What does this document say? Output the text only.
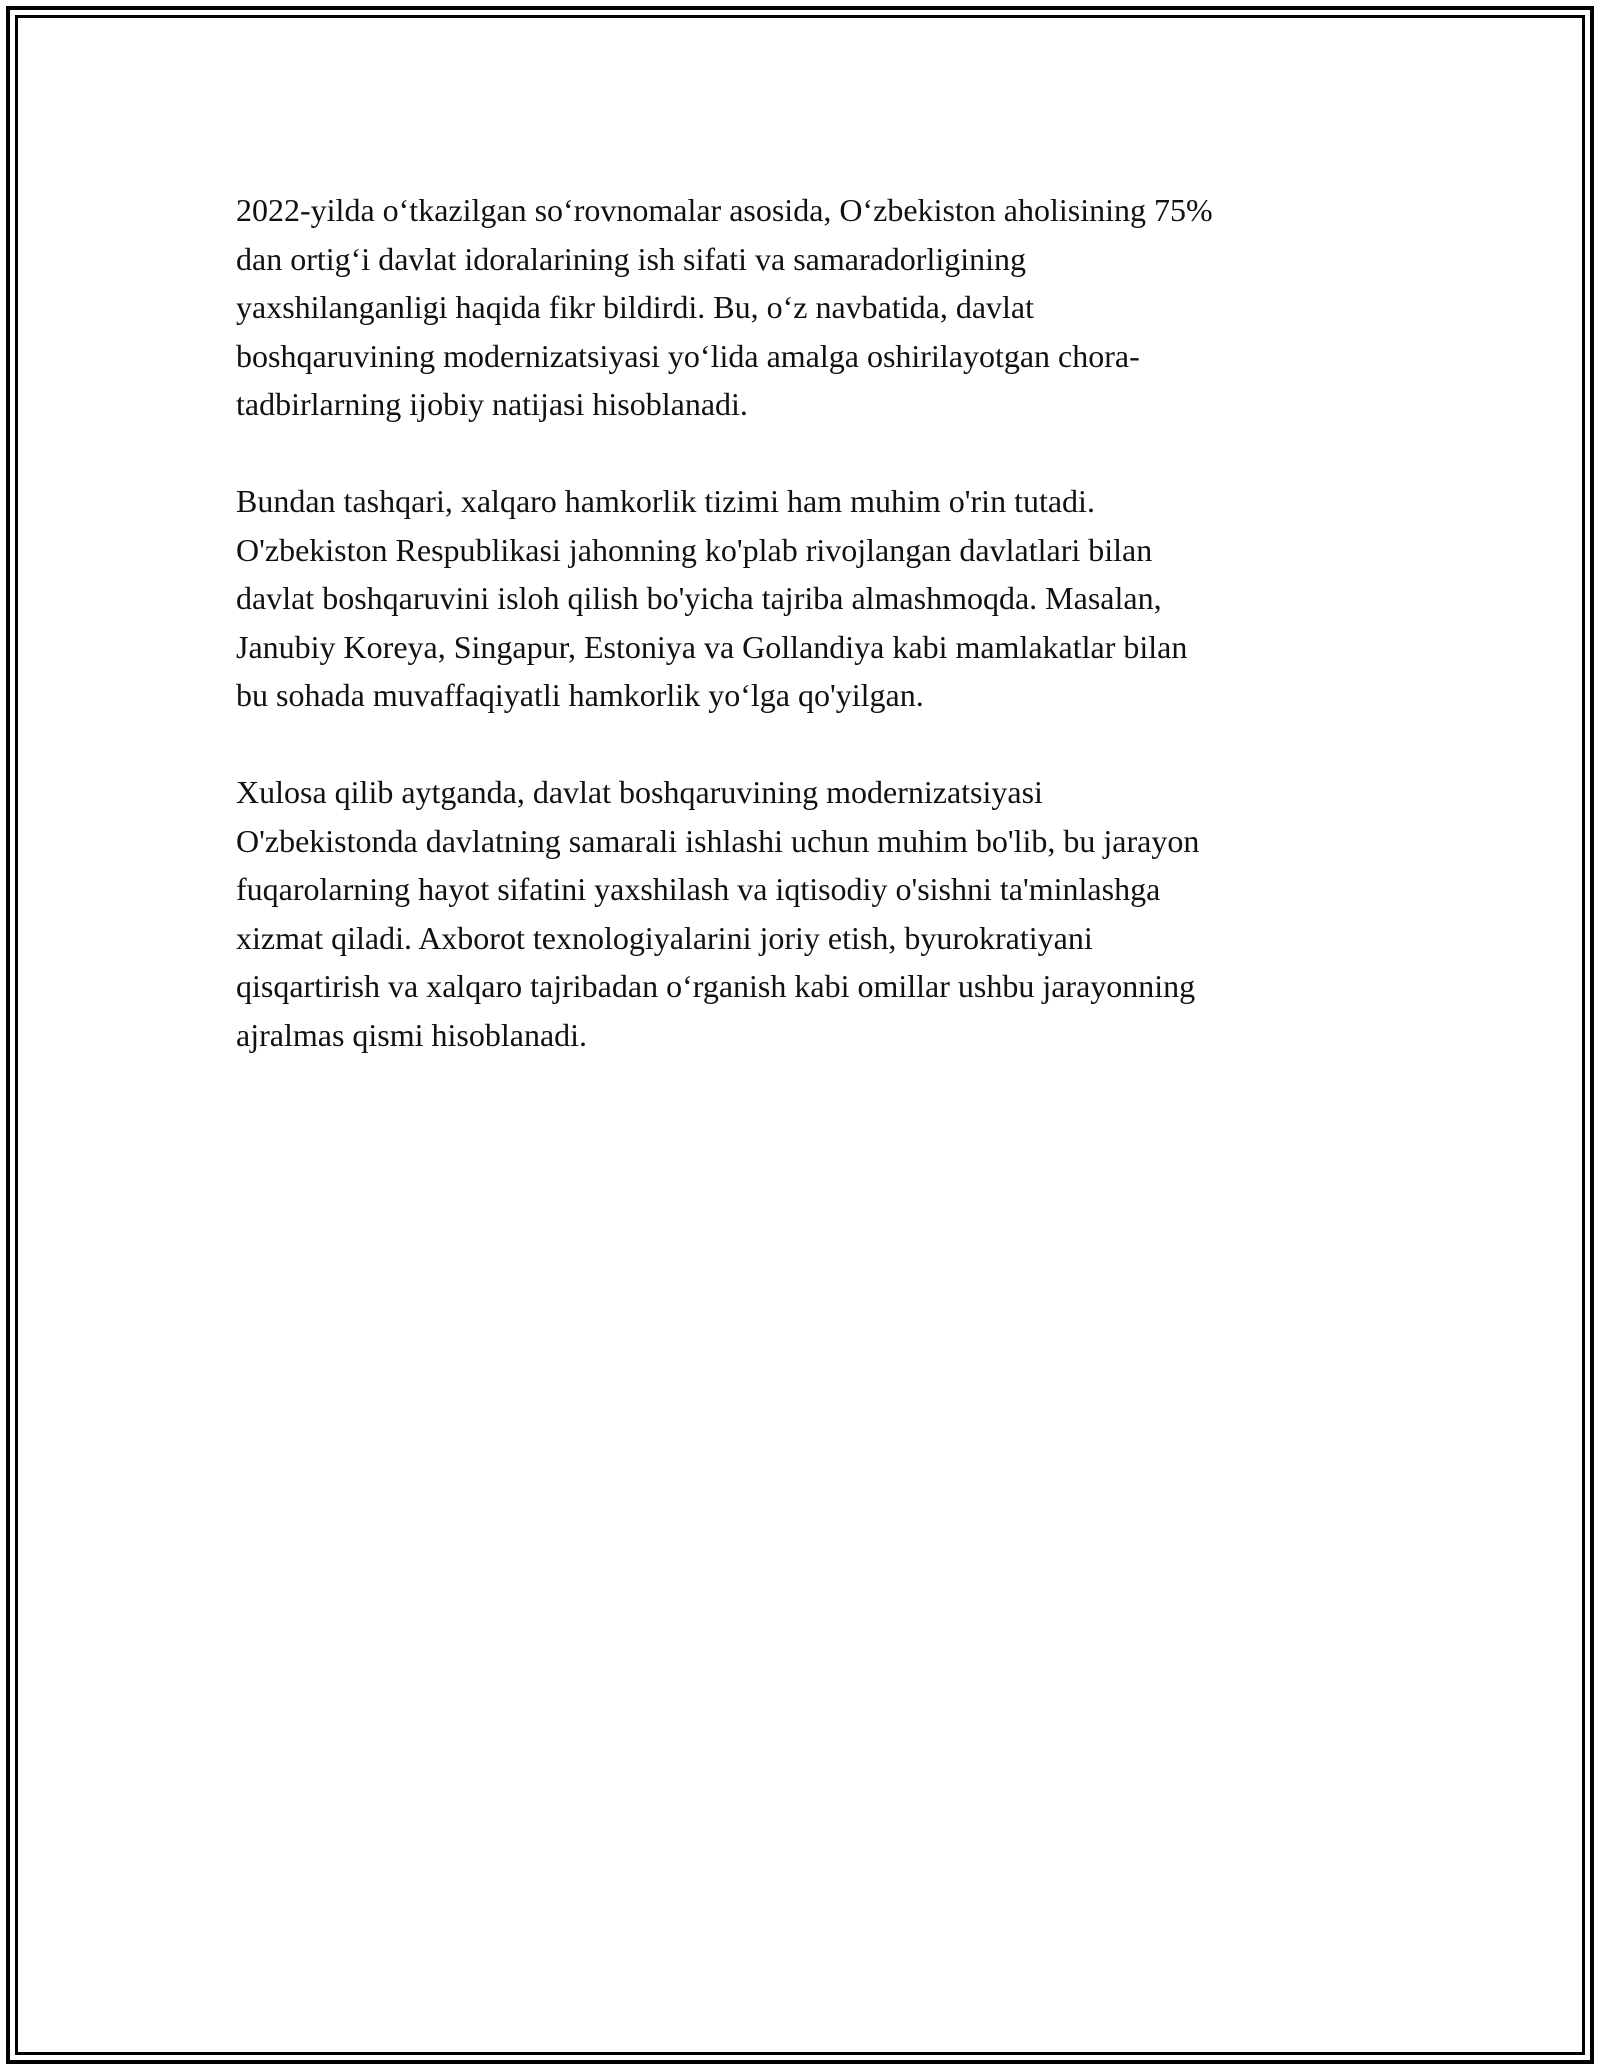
2022-yilda o‘tkazilgan so‘rovnomalar asosida, O‘zbekiston aholisining 75%
dan ortig‘i davlat idoralarining ish sifati va samaradorligining
yaxshilanganligi haqida fikr bildirdi. Bu, o‘z navbatida, davlat
boshqaruvining modernizatsiyasi yo‘lida amalga oshirilayotgan chora-
tadbirlarning ijobiy natijasi hisoblanadi.

Bundan tashqari, xalqaro hamkorlik tizimi ham muhim o'rin tutadi.
O'zbekiston Respublikasi jahonning ko'plab rivojlangan davlatlari bilan
davlat boshqaruvini isloh qilish bo'yicha tajriba almashmoqda. Masalan,
Janubiy Koreya, Singapur, Estoniya va Gollandiya kabi mamlakatlar bilan
bu sohada muvaffaqiyatli hamkorlik yo‘lga qo'yilgan.

Xulosa qilib aytganda, davlat boshqaruvining modernizatsiyasi
O'zbekistonda davlatning samarali ishlashi uchun muhim bo'lib, bu jarayon
fuqarolarning hayot sifatini yaxshilash va iqtisodiy o'sishni ta'minlashga
xizmat qiladi. Axborot texnologiyalarini joriy etish, byurokratiyani
qisqartirish va xalqaro tajribadan o‘rganish kabi omillar ushbu jarayonning
ajralmas qismi hisoblanadi.
